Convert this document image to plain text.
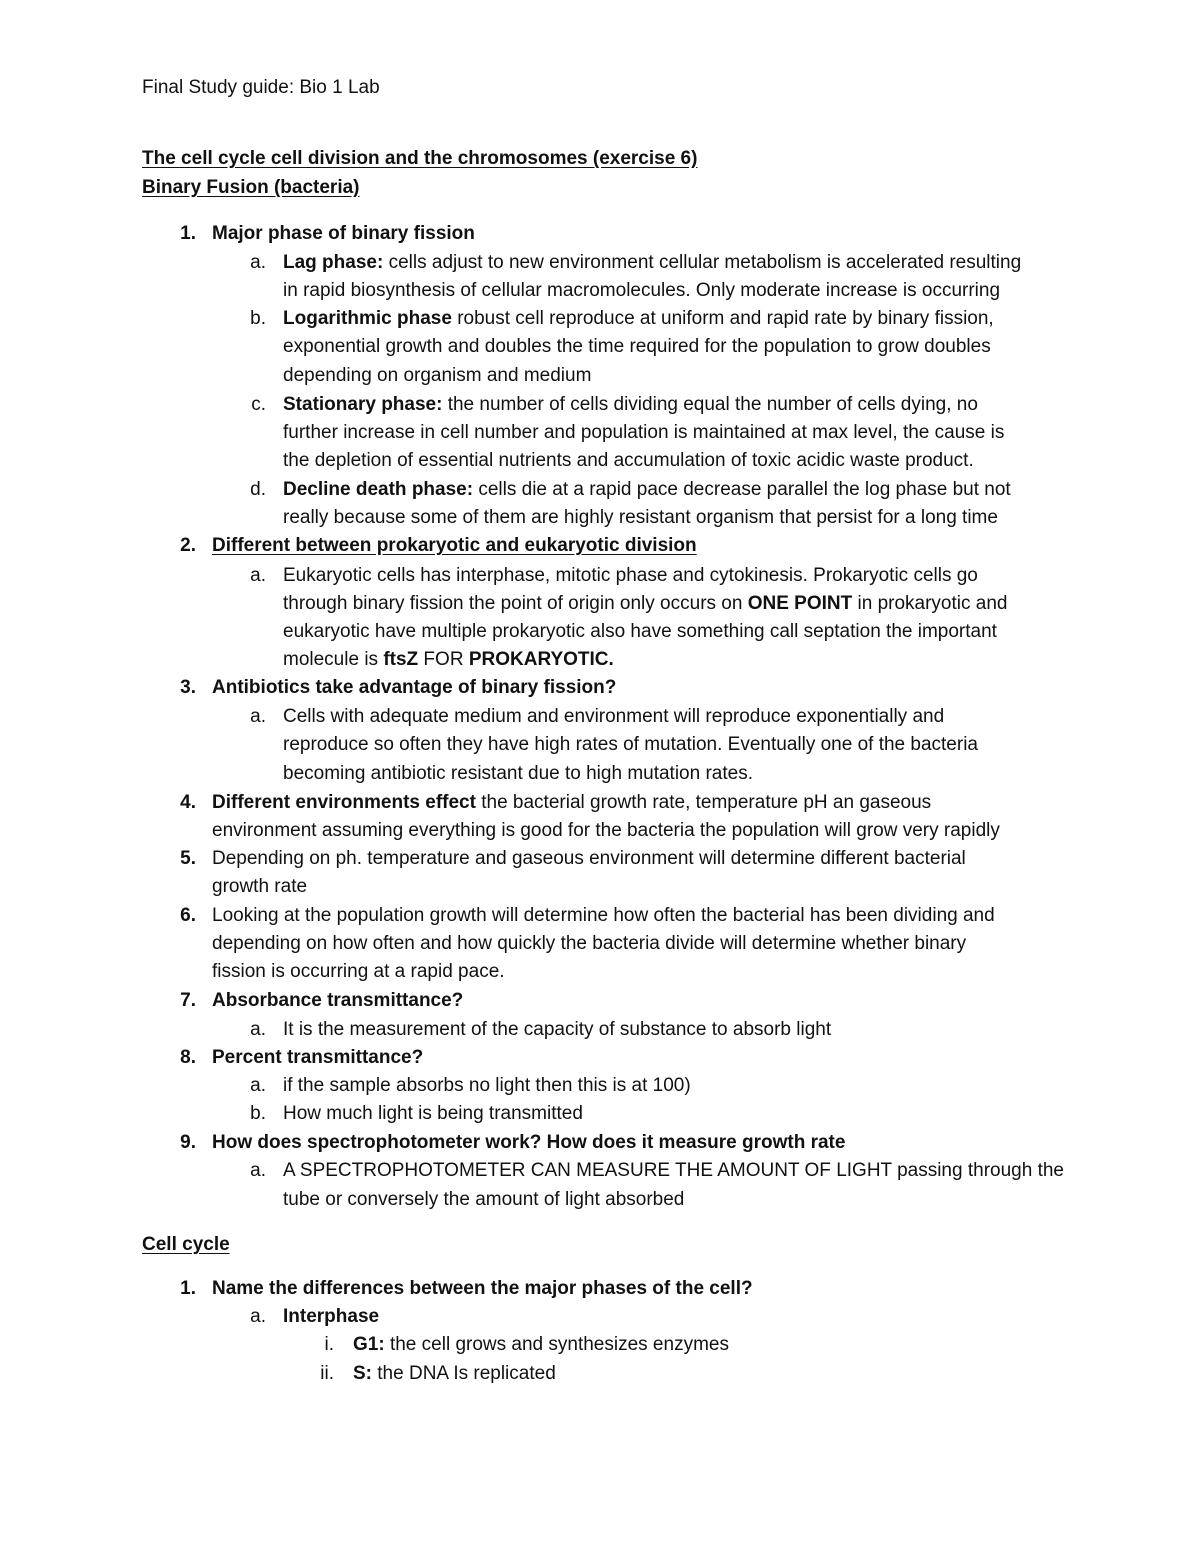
Final Study guide: Bio 1 Lab
The cell cycle cell division and the chromosomes (exercise 6)
Binary Fusion (bacteria)
1. Major phase of binary fission
a. Lag phase: cells adjust to new environment cellular metabolism is accelerated resulting
in rapid biosynthesis of cellular macromolecules. Only moderate increase is occurring
b. Logarithmic phase robust cell reproduce at uniform and rapid rate by binary fission,
exponential growth and doubles the time required for the population to grow doubles
depending on organism and medium
c. Stationary phase: the number of cells dividing equal the number of cells dying, no
further increase in cell number and population is maintained at max level, the cause is
the depletion of essential nutrients and accumulation of toxic acidic waste product.
d. Decline death phase: cells die at a rapid pace decrease parallel the log phase but not
really because some of them are highly resistant organism that persist for a long time
2. Different between prokaryotic and eukaryotic division
a. Eukaryotic cells has interphase, mitotic phase and cytokinesis. Prokaryotic cells go
through binary fission the point of origin only occurs on ONE POINT in prokaryotic and
eukaryotic have multiple prokaryotic also have something call septation the important
molecule is ftsZ FOR PROKARYOTIC.
3. Antibiotics take advantage of binary fission?
a. Cells with adequate medium and environment will reproduce exponentially and
reproduce so often they have high rates of mutation. Eventually one of the bacteria
becoming antibiotic resistant due to high mutation rates.
4. Different environments effect the bacterial growth rate, temperature pH an gaseous
environment assuming everything is good for the bacteria the population will grow very rapidly
5. Depending on ph. temperature and gaseous environment will determine different bacterial
growth rate
6. Looking at the population growth will determine how often the bacterial has been dividing and
depending on how often and how quickly the bacteria divide will determine whether binary
fission is occurring at a rapid pace.
7. Absorbance transmittance?
a. It is the measurement of the capacity of substance to absorb light
8. Percent transmittance?
a. if the sample absorbs no light then this is at 100)
b. How much light is being transmitted
9. How does spectrophotometer work? How does it measure growth rate
a. A SPECTROPHOTOMETER CAN MEASURE THE AMOUNT OF LIGHT passing through the
tube or conversely the amount of light absorbed
Cell cycle
1. Name the differences between the major phases of the cell?
a. Interphase
i. G1: the cell grows and synthesizes enzymes
ii. S: the DNA Is replicated
